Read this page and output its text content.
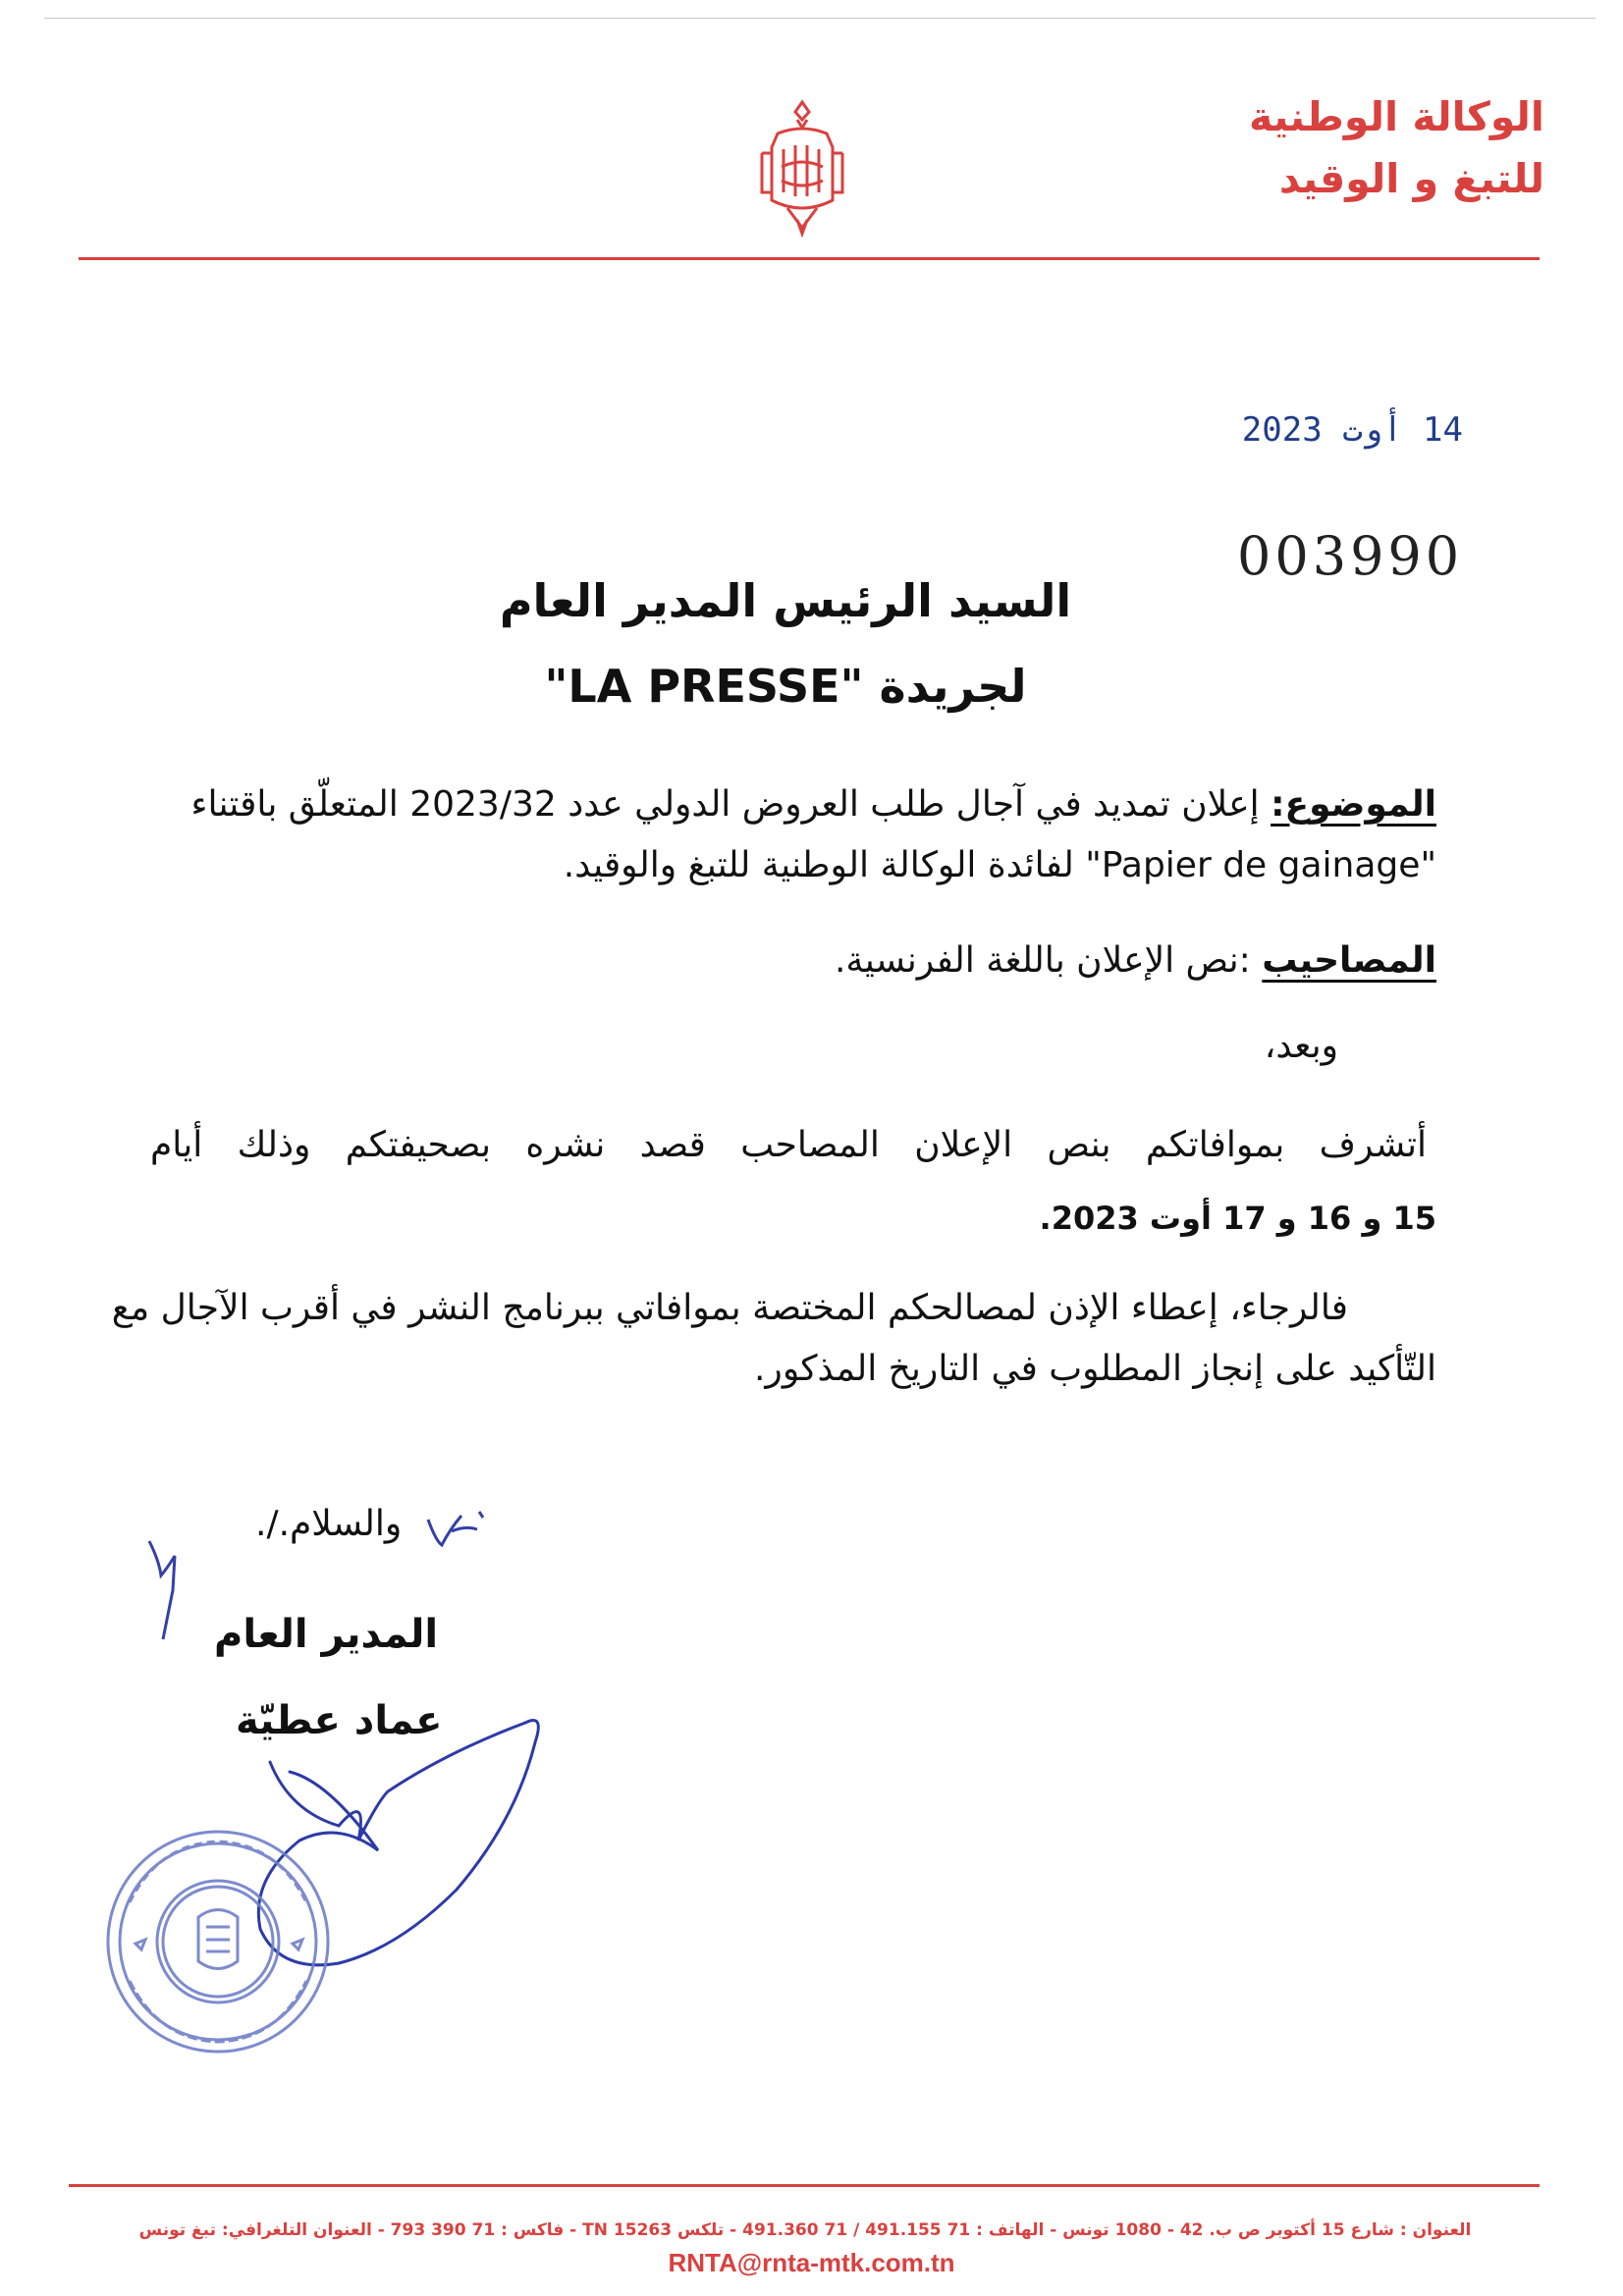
الوكالة الوطنية
للتبغ و الوقيد
14 أوت 2023
003990
السيد الرئيس المدير العام
لجريدة "LA PRESSE"
الموضوع: إعلان تمديد في آجال طلب العروض الدولي عدد 2023/32 المتعلّق باقتناء "Papier de gainage" لفائدة الوكالة الوطنية للتبغ والوقيد.
المصاحيب :نص الإعلان باللغة الفرنسية.
وبعد،
أتشرف بموافاتكم بنص الإعلان المصاحب قصد نشره بصحيفتكم وذلك أيام
15 و 16 و 17 أوت 2023.
فالرجاء، إعطاء الإذن لمصالحكم المختصة بموافاتي ببرنامج النشر في أقرب الآجال مع التّأكيد على إنجاز المطلوب في التاريخ المذكور.
والسلام./.
المدير العام
عماد عطيّة
العنوان : شارع 15 أكتوبر ص ب. 42 - 1080 تونس - الهاتف : 71 491.155 / 71 491.360 - تلكس 15263 TN - فاكس : 71 390 793 - العنوان التلغرافي: تبغ تونس
RNTA@rnta-mtk.com.tn
